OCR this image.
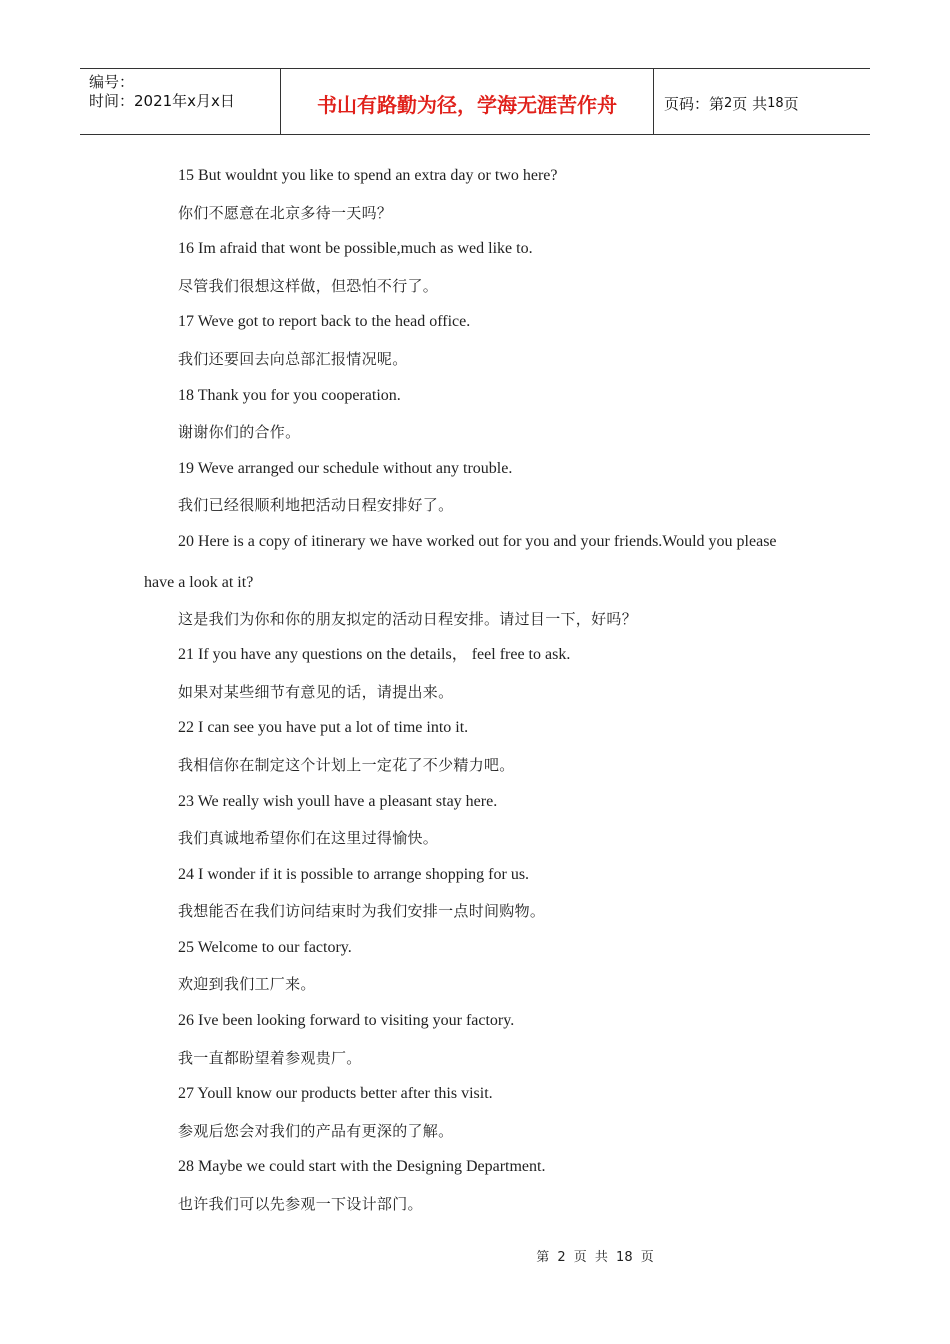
编号：
时间：2021年x月x日	书山有路勤为径，学海无涯苦作舟	页码：第 2 页 共 18 页
15 But wouldnt you like to spend an extra day or two here?
你们不愿意在北京多待一天吗？
16 Im afraid that wont be possible,much as wed like to.
尽管我们很想这样做，但恐怕不行了。
17 Weve got to report back to the head office.
我们还要回去向总部汇报情况呢。
18 Thank you for you cooperation.
谢谢你们的合作。
19 Weve arranged our schedule without any trouble.
我们已经很顺利地把活动日程安排好了。
20 Here is a copy of itinerary we have worked out for you and your friends.Would you please
have a look at it?
这是我们为你和你的朋友拟定的活动日程安排。请过目一下，好吗？
21 If you have any questions on the details， feel free to ask.
如果对某些细节有意见的话，请提出来。
22 I can see you have put a lot of time into it.
我相信你在制定这个计划上一定花了不少精力吧。
23 We really wish youll have a pleasant stay here.
我们真诚地希望你们在这里过得愉快。
24 I wonder if it is possible to arrange shopping for us.
我想能否在我们访问结束时为我们安排一点时间购物。
25 Welcome to our factory.
欢迎到我们工厂来。
26 Ive been looking forward to visiting your factory.
我一直都盼望着参观贵厂。
27 Youll know our products better after this visit.
参观后您会对我们的产品有更深的了解。
28 Maybe we could start with the Designing Department.
也许我们可以先参观一下设计部门。
第 2 页 共 18 页
